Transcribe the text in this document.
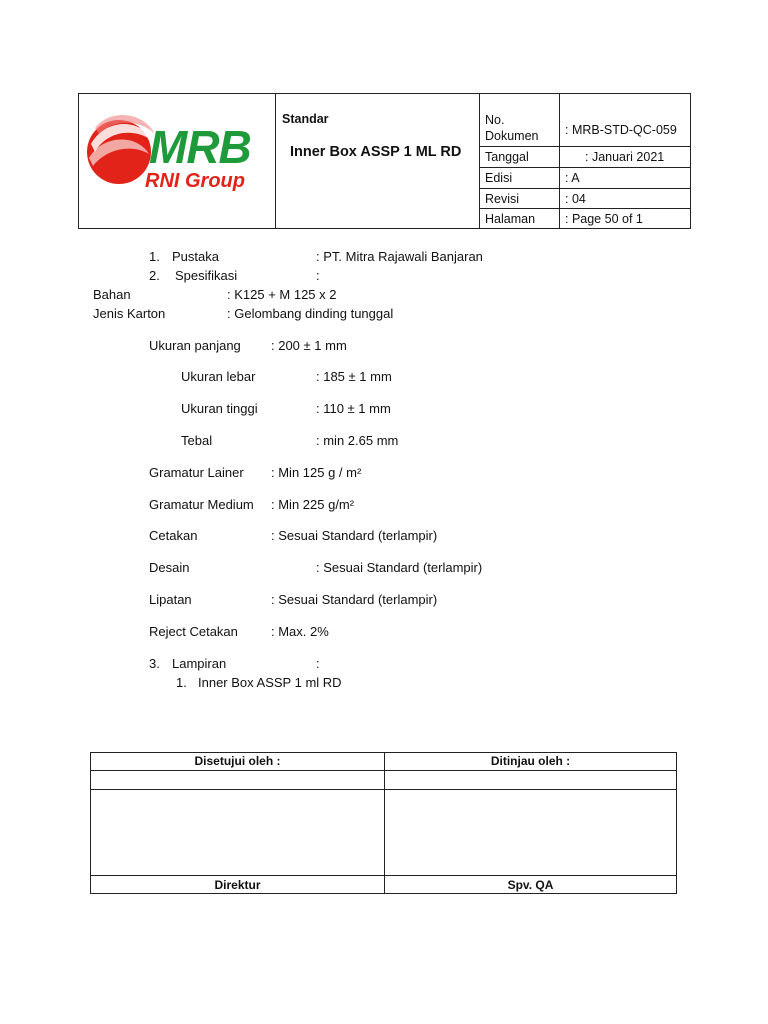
MRB
RNI Group
Standar
Inner Box ASSP 1 ML RD
No. Dokumen	: MRB-STD-QC-059
Tanggal	: Januari 2021
Edisi	: A
Revisi	: 04
Halaman : Page 50 of 1
1. Pustaka	: PT. Mitra Rajawali Banjaran
2. Spesifikasi	:
Bahan	: K125 + M 125 x 2
Jenis Karton	: Gelombang dinding tunggal
Ukuran panjang : 200 ± 1 mm
Ukuran lebar	: 185 ± 1 mm
Ukuran tinggi	: 110 ± 1 mm
Tebal	: min 2.65 mm
Gramatur Lainer : Min 125 g / m²
Gramatur Medium : Min 225 g/m²
Cetakan	: Sesuai Standard (terlampir)
Desain	: Sesuai Standard (terlampir)
Lipatan	: Sesuai Standard (terlampir)
Reject Cetakan	: Max. 2%
3. Lampiran	:
1. Inner Box ASSP 1 ml RD
Disetujui oleh :	Ditinjau oleh :
Direktur	Spv. QA
